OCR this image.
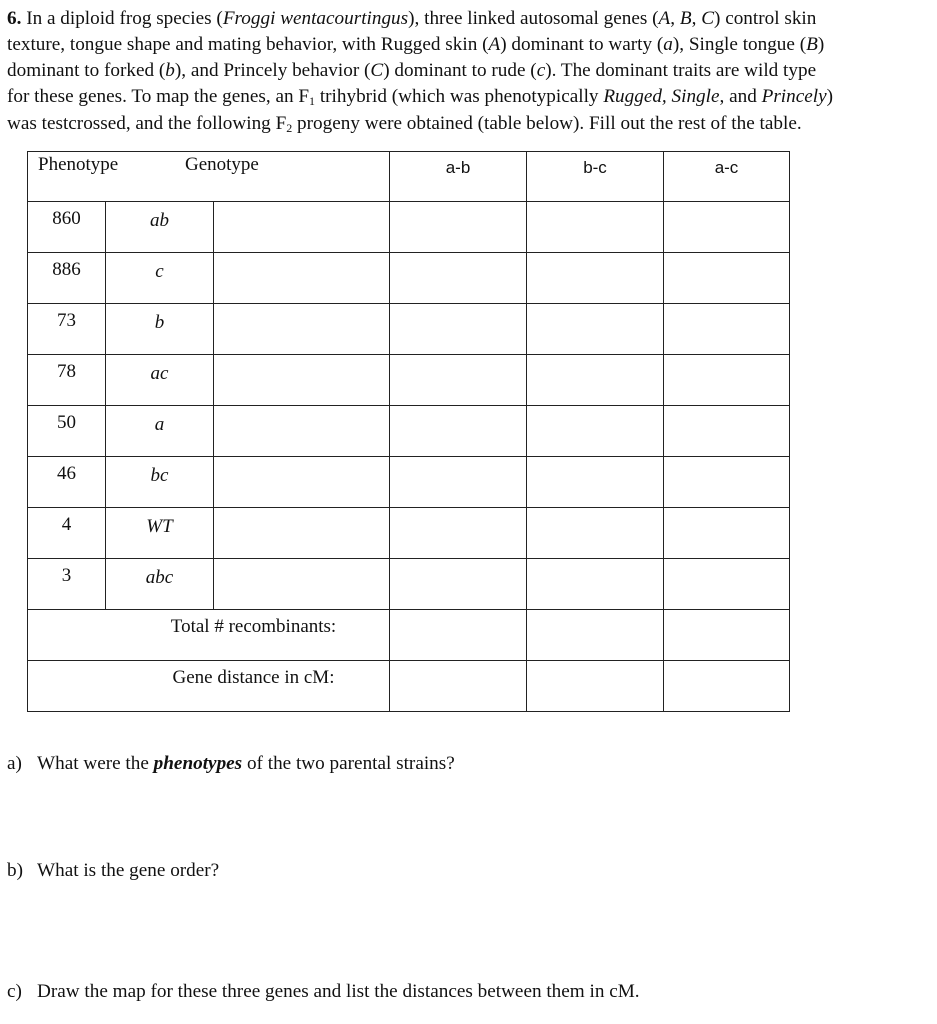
6. In a diploid frog species (Froggi wentacourtingus), three linked autosomal genes (A, B, C) control skin
texture, tongue shape and mating behavior, with Rugged skin (A) dominant to warty (a), Single tongue (B)
dominant to forked (b), and Princely behavior (C) dominant to rude (c). The dominant traits are wild type
for these genes. To map the genes, an F1 trihybrid (which was phenotypically Rugged, Single, and Princely)
was testcrossed, and the following F2 progeny were obtained (table below). Fill out the rest of the table.
Phenotype Genotype			a-b	b-c	a-c

860	ab				

886	c				

73	b				

78	ac				

50	a				

46	bc				

4	WT				

3	abc				

Total # recombinants:					

Gene distance in cM:					

a) What were the phenotypes of the two parental strains?

b) What is the gene order?

c) Draw the map for these three genes and list the distances between them in cM.
